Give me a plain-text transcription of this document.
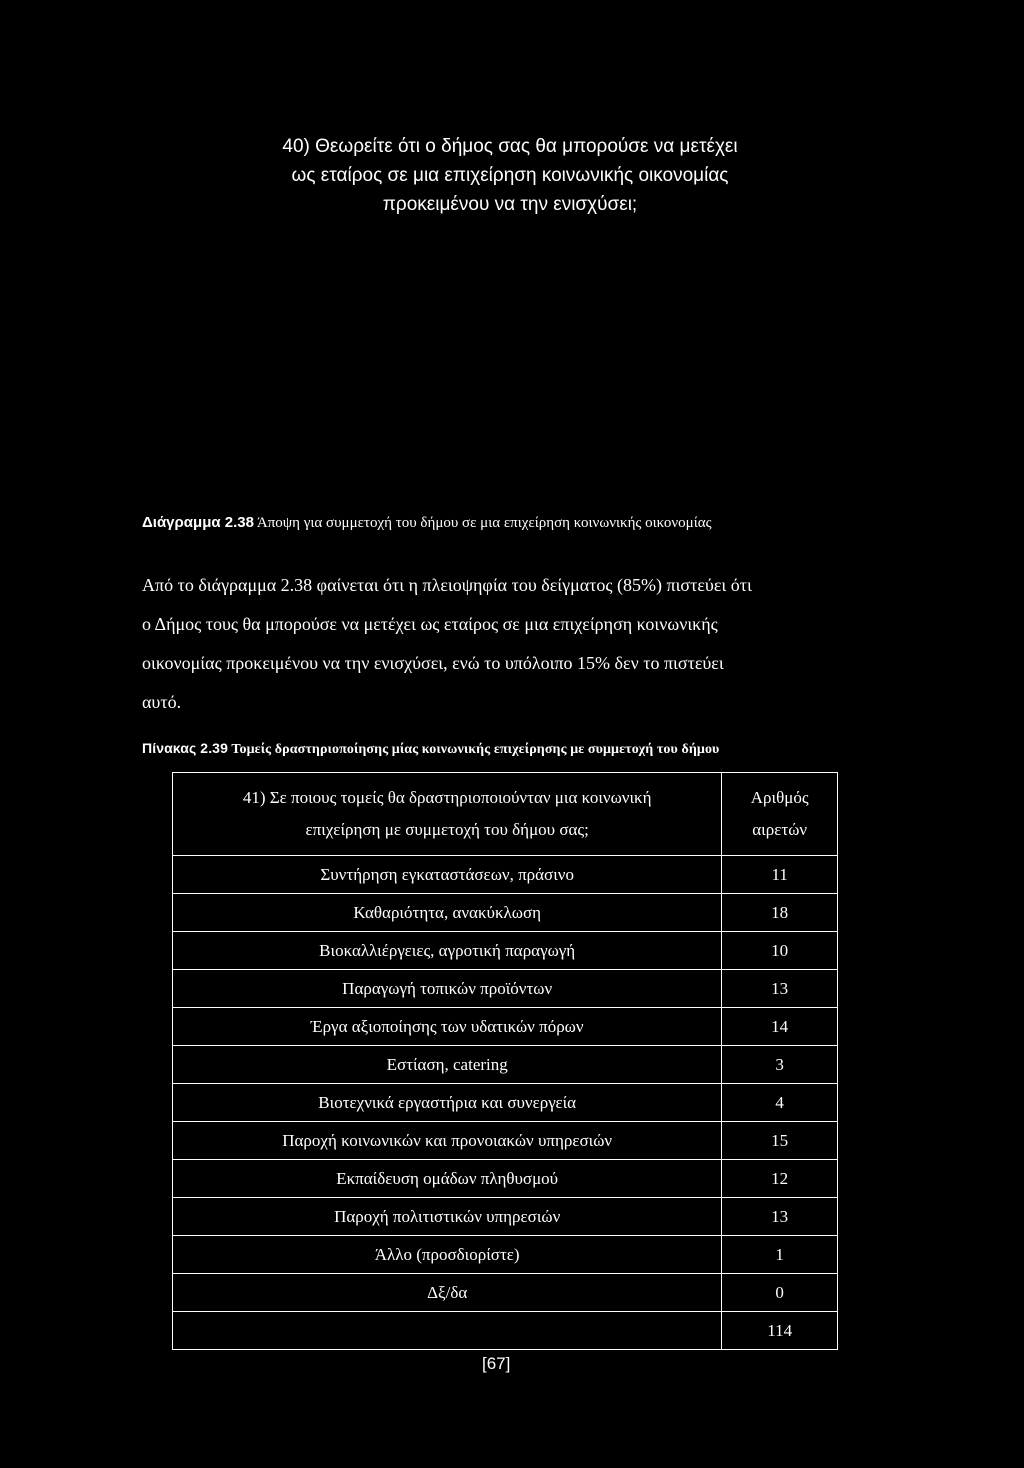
40) Θεωρείτε ότι ο δήμος σας θα μπορούσε να μετέχει
ως εταίρος σε μια επιχείρηση κοινωνικής οικονομίας
προκειμένου να την ενισχύσει;
Διάγραμμα 2.38 Άποψη για συμμετοχή του δήμου σε μια επιχείρηση κοινωνικής οικονομίας
Από το διάγραμμα 2.38 φαίνεται ότι η πλειοψηφία του δείγματος (85%) πιστεύει ότι
ο Δήμος τους θα μπορούσε να μετέχει ως εταίρος σε μια επιχείρηση κοινωνικής
οικονομίας προκειμένου να την ενισχύσει, ενώ το υπόλοιπο 15% δεν το πιστεύει
αυτό.
Πίνακας 2.39 Τομείς δραστηριοποίησης μίας κοινωνικής επιχείρησης με συμμετοχή του δήμου
41) Σε ποιους τομείς θα δραστηριοποιούνταν μια κοινωνική
επιχείρηση με συμμετοχή του δήμου σας;	Αριθμός
αιρετών

Συντήρηση εγκαταστάσεων, πράσινο	11
Καθαριότητα, ανακύκλωση	18
Βιοκαλλιέργειες, αγροτική παραγωγή	10
Παραγωγή τοπικών προϊόντων	13
Έργα αξιοποίησης των υδατικών πόρων	14
Εστίαση, catering	3
Βιοτεχνικά εργαστήρια και συνεργεία	4
Παροχή κοινωνικών και προνοιακών υπηρεσιών	15
Εκπαίδευση ομάδων πληθυσμού	12
Παροχή πολιτιστικών υπηρεσιών	13
Άλλο (προσδιορίστε)	1
Δξ/δα	0
	114
[67]
